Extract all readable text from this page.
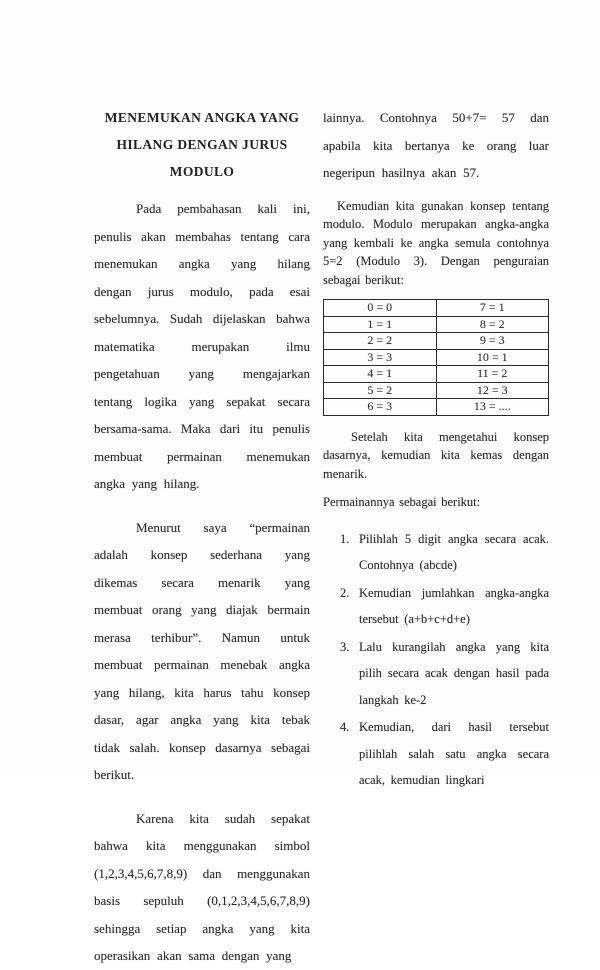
MENEMUKAN ANGKA YANG
HILANG DENGAN JURUS
MODULO

Pada pembahasan kali ini, penulis akan membahas tentang cara menemukan angka yang hilang dengan jurus modulo, pada esai sebelumnya. Sudah dijelaskan bahwa matematika merupakan ilmu pengetahuan yang mengajarkan tentang logika yang sepakat secara bersama-sama. Maka dari itu penulis membuat permainan menemukan angka yang hilang.

Menurut saya “permainan adalah konsep sederhana yang dikemas secara menarik yang membuat orang yang diajak bermain merasa terhibur”. Namun untuk membuat permainan menebak angka yang hilang, kita harus tahu konsep dasar, agar angka yang kita tebak tidak salah. konsep dasarnya sebagai berikut.

Karena kita sudah sepakat bahwa kita menggunakan simbol (1,2,3,4,5,6,7,8,9) dan menggunakan basis sepuluh (0,1,2,3,4,5,6,7,8,9) sehingga setiap angka yang kita operasikan akan sama dengan yang

lainnya. Contohnya 50+7= 57 dan apabila kita bertanya ke orang luar negeripun hasilnya akan 57.

Kemudian kita gunakan konsep tentang modulo. Modulo merupakan angka-angka yang kembali ke angka semula contohnya 5=2 (Modulo 3). Dengan penguraian sebagai berikut:

0 = 0	7 = 1
1 = 1	8 = 2
2 = 2	9 = 3
3 = 3	10 = 1
4 = 1	11 = 2
5 = 2	12 = 3
6 = 3	13 = ....

Setelah kita mengetahui konsep dasarnya, kemudian kita kemas dengan menarik.

Permainannya sebagai berikut:

1. Pilihlah 5 digit angka secara acak. Contohnya (abcde)
2. Kemudian jumlahkan angka-angka tersebut (a+b+c+d+e)
3. Lalu kurangilah angka yang kita pilih secara acak dengan hasil pada langkah ke-2
4. Kemudian, dari hasil tersebut pilihlah salah satu angka secara acak, kemudian lingkari
